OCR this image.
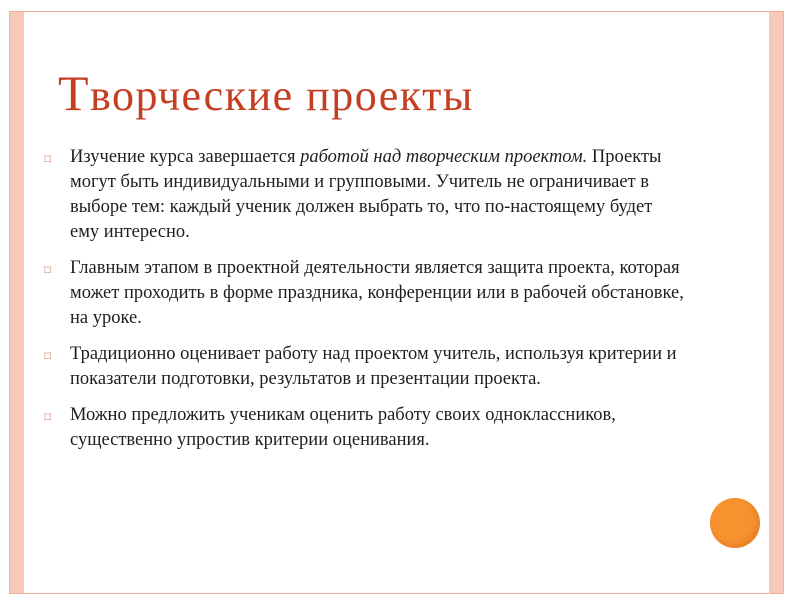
Творческие проекты
⌑ Изучение курса завершается работой над творческим проектом. Проекты могут быть индивидуальными и групповыми. Учитель не ограничивает в выборе тем: каждый ученик должен выбрать то, что по-настоящему будет ему интересно.
⌑ Главным этапом в проектной деятельности является защита проекта, которая может проходить в форме праздника, конференции или в рабочей обстановке, на уроке.
⌑ Традиционно оценивает работу над проектом учитель, используя критерии и показатели подготовки, результатов и презентации проекта.
⌑ Можно предложить ученикам оценить работу своих одноклассников, существенно упростив критерии оценивания.
